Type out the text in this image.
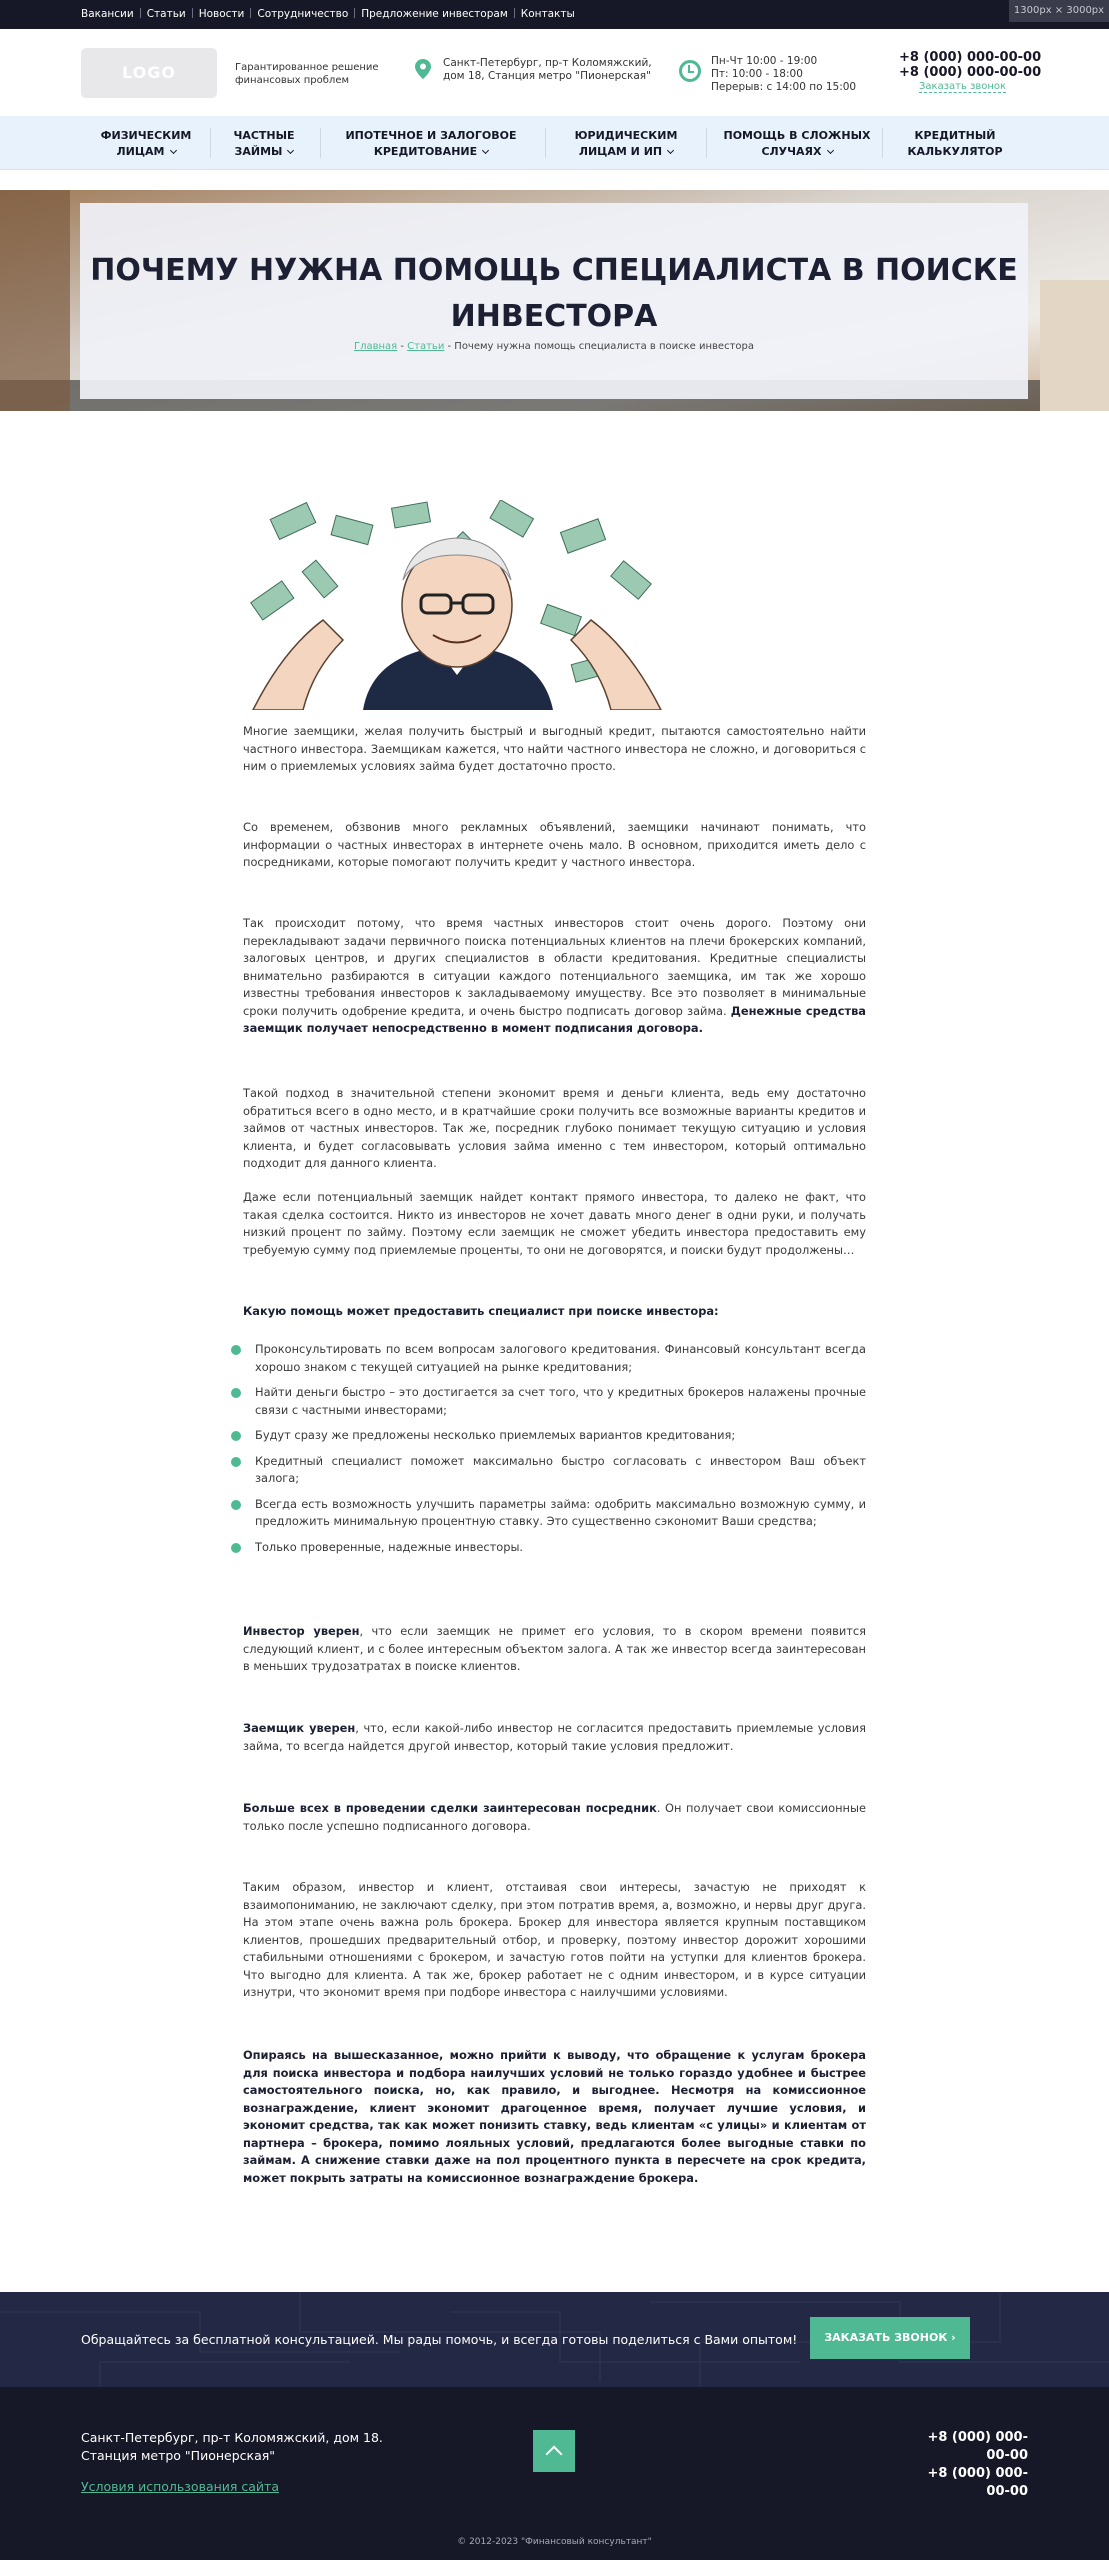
Вакансии Статьи Новости Сотрудничество Предложение инвесторам Контакты	1300px × 3000px
LOGO	Гарантированное решение финансовых проблем
Санкт-Петербург, пр-т Коломяжский,
дом 18, Станция метро "Пионерская"
Пн-Чт 10:00 - 19:00
Пт: 10:00 - 18:00
Перерыв: с 14:00 по 15:00
+8 (000) 000-00-00
+8 (000) 000-00-00
Заказать звонок
ФИЗИЧЕСКИМ
ЛИЦАМ
ЧАСТНЫЕ
ЗАЙМЫ
ИПОТЕЧНОЕ И ЗАЛОГОВОЕ
КРЕДИТОВАНИЕ
ЮРИДИЧЕСКИМ
ЛИЦАМ И ИП
ПОМОЩЬ В СЛОЖНЫХ
СЛУЧАЯХ
КРЕДИТНЫЙ
КАЛЬКУЛЯТОР
ПОЧЕМУ НУЖНА ПОМОЩЬ СПЕЦИАЛИСТА В ПОИСКЕ
ИНВЕСТОРА
Главная - Статьи - Почему нужна помощь специалиста в поиске инвестора

Многие заемщики, желая получить быстрый и выгодный кредит, пытаются самостоятельно найти частного инвестора. Заемщикам кажется, что найти частного инвестора не сложно, и договориться с ним о приемлемых условиях займа будет достаточно просто.

Со временем, обзвонив много рекламных объявлений, заемщики начинают понимать, что информации о частных инвесторах в интернете очень мало. В основном, приходится иметь дело с посредниками, которые помогают получить кредит у частного инвестора.

Так происходит потому, что время частных инвесторов стоит очень дорого. Поэтому они перекладывают задачи первичного поиска потенциальных клиентов на плечи брокерских компаний, залоговых центров, и других специалистов в области кредитования. Кредитные специалисты внимательно разбираются в ситуации каждого потенциального заемщика, им так же хорошо известны требования инвесторов к закладываемому имуществу. Все это позволяет в минимальные сроки получить одобрение кредита, и очень быстро подписать договор займа. Денежные средства заемщик получает непосредственно в момент подписания договора.

Такой подход в значительной степени экономит время и деньги клиента, ведь ему достаточно обратиться всего в одно место, и в кратчайшие сроки получить все возможные варианты кредитов и займов от частных инвесторов. Так же, посредник глубоко понимает текущую ситуацию и условия клиента, и будет согласовывать условия займа именно с тем инвестором, который оптимально подходит для данного клиента.

Даже если потенциальный заемщик найдет контакт прямого инвестора, то далеко не факт, что такая сделка состоится. Никто из инвесторов не хочет давать много денег в одни руки, и получать низкий процент по займу. Поэтому если заемщик не сможет убедить инвестора предоставить ему требуемую сумму под приемлемые проценты, то они не договорятся, и поиски будут продолжены…

Какую помощь может предоставить специалист при поиске инвестора:

Проконсультировать по всем вопросам залогового кредитования. Финансовый консультант всегда хорошо знаком с текущей ситуацией на рынке кредитования;
Найти деньги быстро – это достигается за счет того, что у кредитных брокеров налажены прочные связи с частными инвесторами;
Будут сразу же предложены несколько приемлемых вариантов кредитования;
Кредитный специалист поможет максимально быстро согласовать с инвестором Ваш объект залога;
Всегда есть возможность улучшить параметры займа: одобрить максимально возможную сумму, и предложить минимальную процентную ставку. Это существенно сэкономит Ваши средства;
Только проверенные, надежные инвесторы.

Инвестор уверен, что если заемщик не примет его условия, то в скором времени появится следующий клиент, и с более интересным объектом залога. А так же инвестор всегда заинтересован в меньших трудозатратах в поиске клиентов.

Заемщик уверен, что, если какой-либо инвестор не согласится предоставить приемлемые условия займа, то всегда найдется другой инвестор, который такие условия предложит.

Больше всех в проведении сделки заинтересован посредник. Он получает свои комиссионные только после успешно подписанного договора.

Таким образом, инвестор и клиент, отстаивая свои интересы, зачастую не приходят к взаимопониманию, не заключают сделку, при этом потратив время, а, возможно, и нервы друг друга. На этом этапе очень важна роль брокера. Брокер для инвестора является крупным поставщиком клиентов, прошедших предварительный отбор, и проверку, поэтому инвестор дорожит хорошими стабильными отношениями с брокером, и зачастую готов пойти на уступки для клиентов брокера. Что выгодно для клиента. А так же, брокер работает не с одним инвестором, и в курсе ситуации изнутри, что экономит время при подборе инвестора с наилучшими условиями.

Опираясь на вышесказанное, можно прийти к выводу, что обращение к услугам брокера для поиска инвестора и подбора наилучших условий не только гораздо удобнее и быстрее самостоятельного поиска, но, как правило, и выгоднее. Несмотря на комиссионное вознаграждение, клиент экономит драгоценное время, получает лучшие условия, и экономит средства, так как может понизить ставку, ведь клиентам «с улицы» и клиентам от партнера – брокера, помимо лояльных условий, предлагаются более выгодные ставки по займам. А снижение ставки даже на пол процентного пункта в пересчете на срок кредита, может покрыть затраты на комиссионное вознаграждение брокера.

Обращайтесь за бесплатной консультацией. Мы рады помочь, и всегда готовы поделиться с Вами опытом!	ЗАКАЗАТЬ ЗВОНОК ›
Санкт-Петербург, пр-т Коломяжский, дом 18.
Станция метро "Пионерская"
Условия использования сайта
+8 (000) 000-00-00
+8 (000) 000-00-00
© 2012-2023 "Финансовый консультант"
